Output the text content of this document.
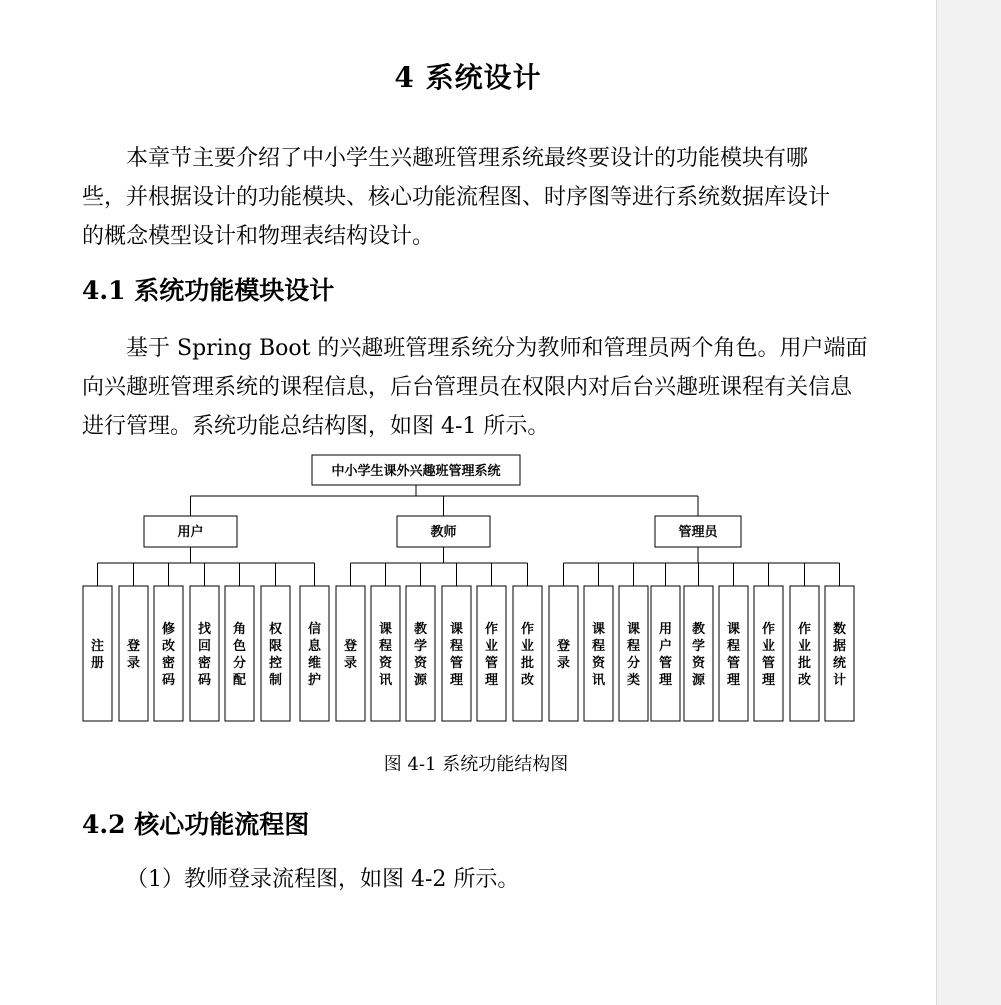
4 系统设计
本章节主要介绍了中小学生兴趣班管理系统最终要设计的功能模块有哪
些，并根据设计的功能模块、核心功能流程图、时序图等进行系统数据库设计
的概念模型设计和物理表结构设计。
4.1 系统功能模块设计
基于 Spring Boot 的兴趣班管理系统分为教师和管理员两个角色。用户端面
向兴趣班管理系统的课程信息，后台管理员在权限内对后台兴趣班课程有关信息
进行管理。系统功能总结构图，如图 4-1 所示。
中小学生课外兴趣班管理系统
用户
注册
登录
修改密码
找回密码
角色分配
权限控制
信息维护
教师
登录
课程资讯
教学资源
课程管理
作业管理
作业批改
管理员
登录
课程资讯
课程分类
用户管理
教学资源
课程管理
作业管理
作业批改
数据统计
图 4-1 系统功能结构图
4.2 核心功能流程图
（1）教师登录流程图，如图 4-2 所示。
